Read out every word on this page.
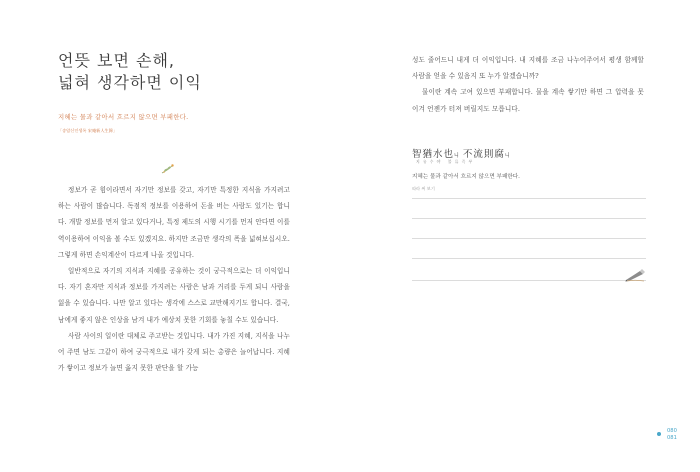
언뜻 보면 손해,
넓혀 생각하면 이익
지혜는 물과 같아서 흐르지 않으면 부패한다.
「송암신인생록 宋庵新人生錄」

정보가 곧 힘이라면서 자기만 정보를 갖고, 자기만 특정한 지식을 가지려고 하는 사람이 많습니다. 독점적 정보를 이용하여 돈을 버는 사람도 있기는 합니다. 개발 정보를 먼저 알고 있다거나, 특정 제도의 시행 시기를 먼저 안다면 이를 역이용하여 이익을 볼 수도 있겠지요. 하지만 조금만 생각의 폭을 넓혀보십시오. 그렇게 하면 손익계산이 다르게 나올 것입니다.

일반적으로 자기의 지식과 지혜를 공유하는 것이 궁극적으로는 더 이익입니다. 자기 혼자만 지식과 정보를 가지려는 사람은 남과 거리를 두게 되니 사람을 잃을 수 있습니다. 나만 알고 있다는 생각에 스스로 교만해지기도 합니다. 결국, 남에게 좋지 않은 인상을 남겨 내가 예상치 못한 기회를 놓칠 수도 있습니다.

사람 사이의 일이란 대체로 주고받는 것입니다. 내가 가진 지혜, 지식을 나누어 주면 남도 그같이 하여 궁극적으로 내가 갖게 되는 총량은 늘어납니다. 지혜가 쌓이고 정보가 늘면 옳지 못한 판단을 할 가능

성도 줄어드니 내게 더 이익입니다. 내 지혜를 조금 나누어주어서 평생 함께할 사람을 얻을 수 있음지 또 누가 알겠습니까?

물이란 계속 고여 있으면 부패합니다. 물을 계속 쌓기만 하면 그 압력을 못 이겨 언젠가 터져 버릴지도 모릅니다.

智猶水也니 不流則腐니
지유수야 불류즉부
지혜는 물과 같아서 흐르지 않으면 부패한다.
따라 써 보기
080
081
